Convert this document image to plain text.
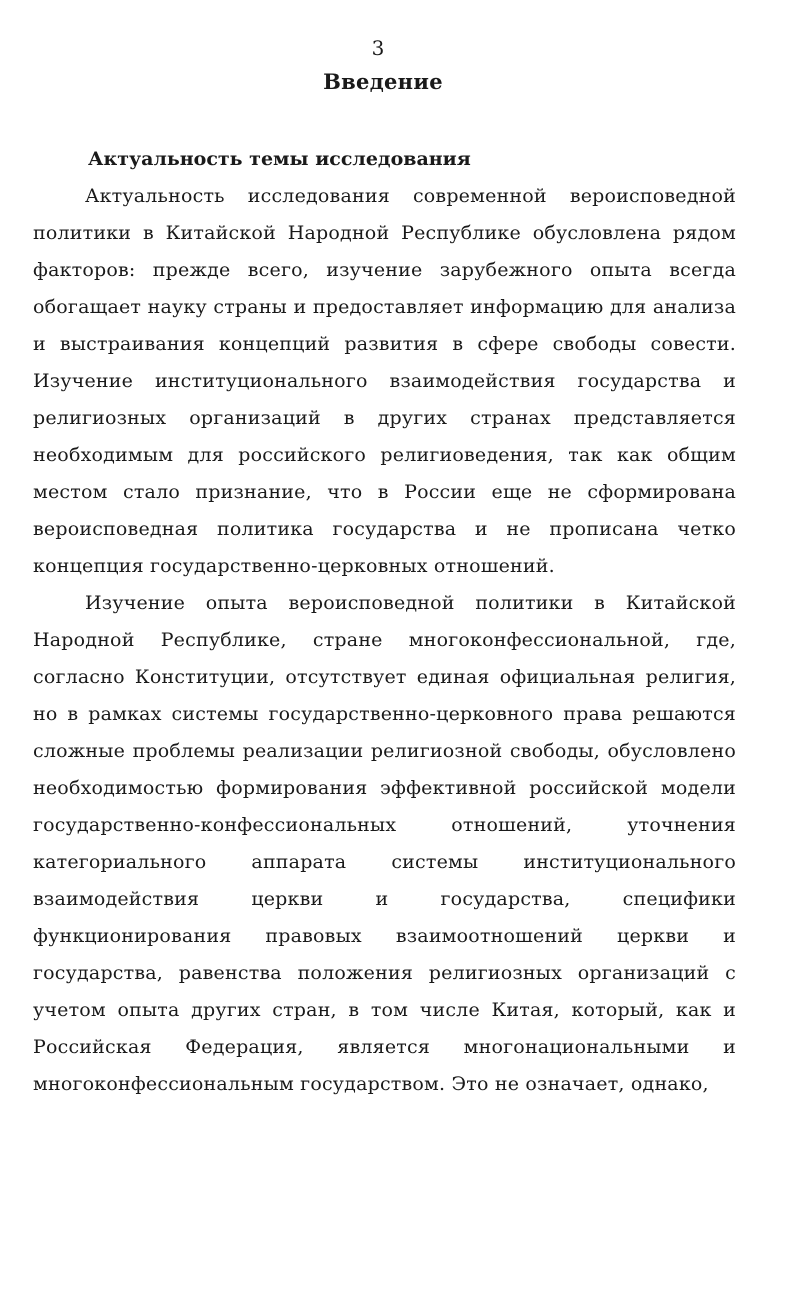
3
Введение
Актуальность темы исследования

Актуальность исследования современной вероисповедной политики в Китайской Народной Республике обусловлена рядом факторов: прежде всего, изучение зарубежного опыта всегда обогащает науку страны и предоставляет информацию для анализа и выстраивания концепций развития в сфере свободы совести. Изучение институционального взаимодействия государства и религиозных организаций в других странах представляется необходимым для российского религиоведения, так как общим местом стало признание, что в России еще не сформирована вероисповедная политика государства и не прописана четко концепция государственно-церковных отношений.

Изучение опыта вероисповедной политики в Китайской Народной Республике, стране многоконфессиональной, где, согласно Конституции, отсутствует единая официальная религия, но в рамках системы государственно-церковного права решаются сложные проблемы реализации религиозной свободы, обусловлено необходимостью формирования эффективной российской модели государственно-конфессиональных отношений, уточнения категориального аппарата системы институционального взаимодействия церкви и государства, специфики функционирования правовых взаимоотношений церкви и государства, равенства положения религиозных организаций с учетом опыта других стран, в том числе Китая, который, как и Российская Федерация, является многонациональными и многоконфессиональным государством. Это не означает, однако,
